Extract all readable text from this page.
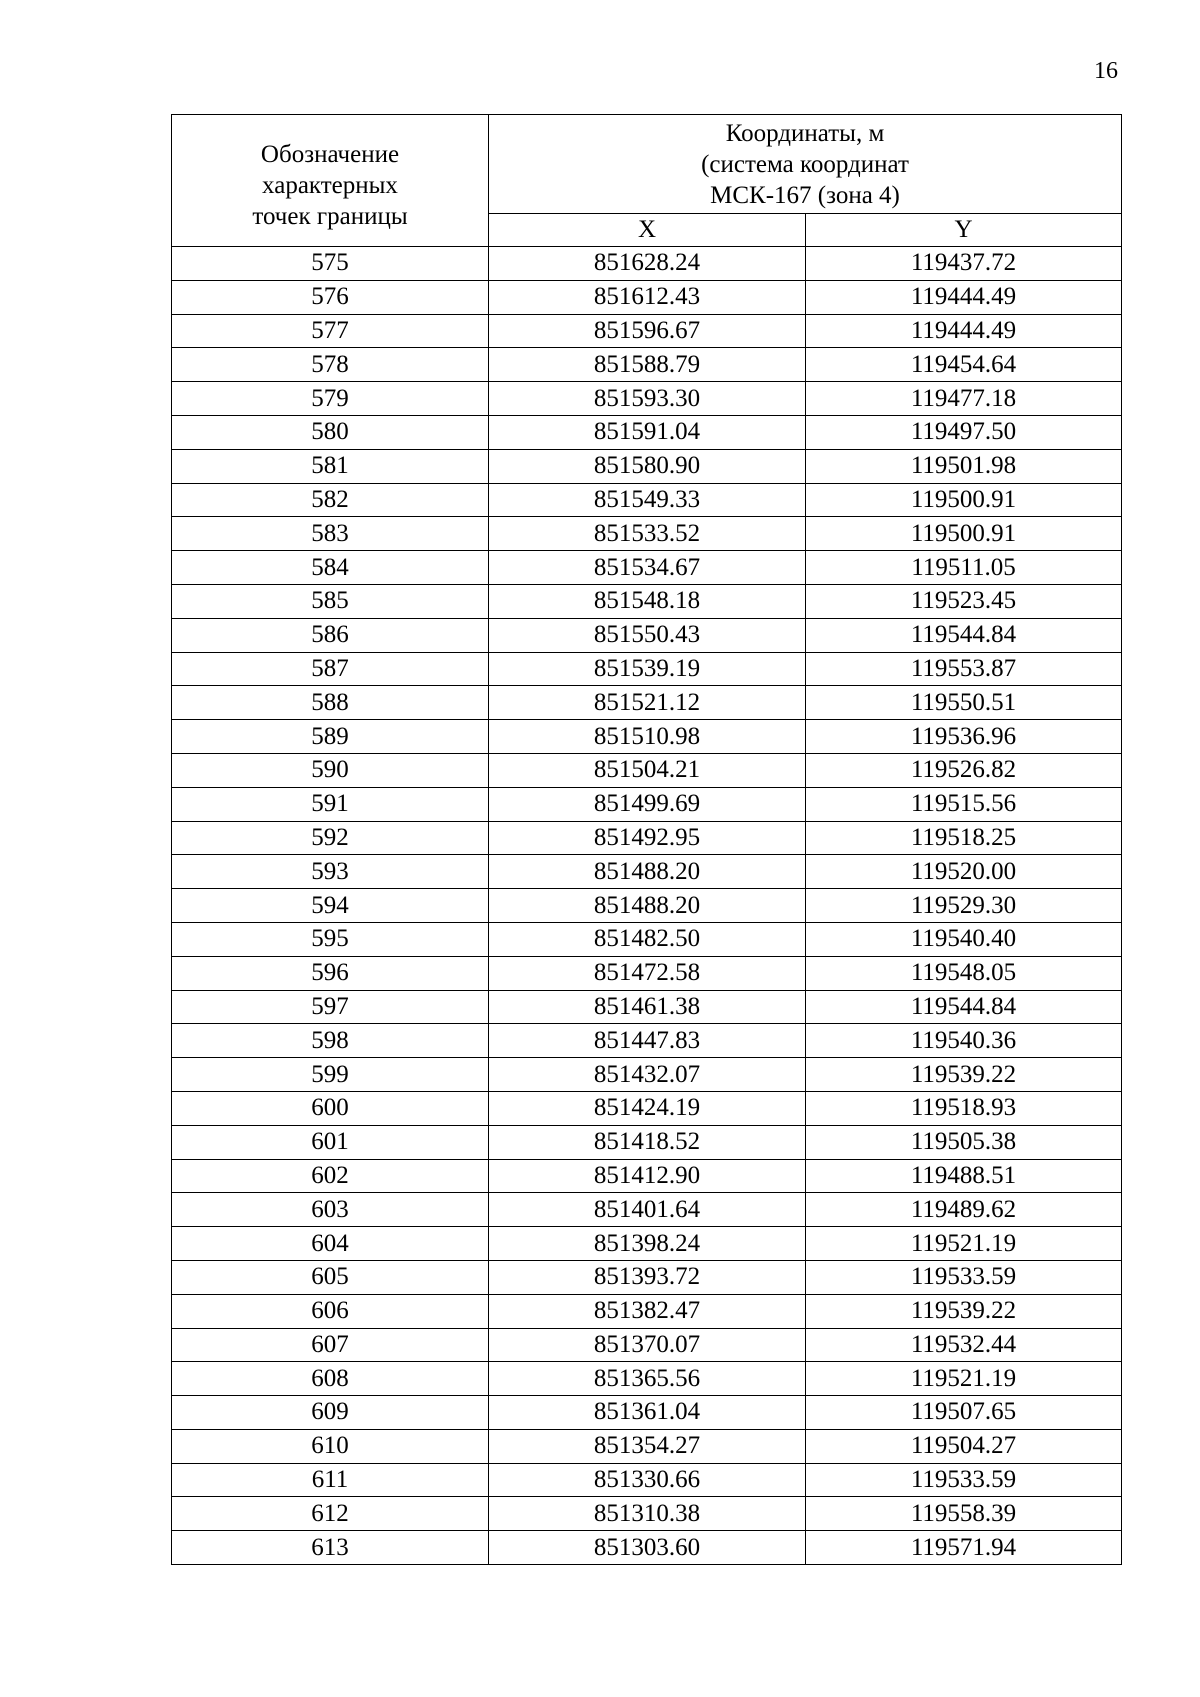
16
Обозначение
характерных
точек границы	Координаты, м
(система координат
МСК-167 (зона 4)	

	X	Y
575	851628.24	119437.72
576	851612.43	119444.49
577	851596.67	119444.49
578	851588.79	119454.64
579	851593.30	119477.18
580	851591.04	119497.50
581	851580.90	119501.98
582	851549.33	119500.91
583	851533.52	119500.91
584	851534.67	119511.05
585	851548.18	119523.45
586	851550.43	119544.84
587	851539.19	119553.87
588	851521.12	119550.51
589	851510.98	119536.96
590	851504.21	119526.82
591	851499.69	119515.56
592	851492.95	119518.25
593	851488.20	119520.00
594	851488.20	119529.30
595	851482.50	119540.40
596	851472.58	119548.05
597	851461.38	119544.84
598	851447.83	119540.36
599	851432.07	119539.22
600	851424.19	119518.93
601	851418.52	119505.38
602	851412.90	119488.51
603	851401.64	119489.62
604	851398.24	119521.19
605	851393.72	119533.59
606	851382.47	119539.22
607	851370.07	119532.44
608	851365.56	119521.19
609	851361.04	119507.65
610	851354.27	119504.27
611	851330.66	119533.59
612	851310.38	119558.39
613	851303.60	119571.94
